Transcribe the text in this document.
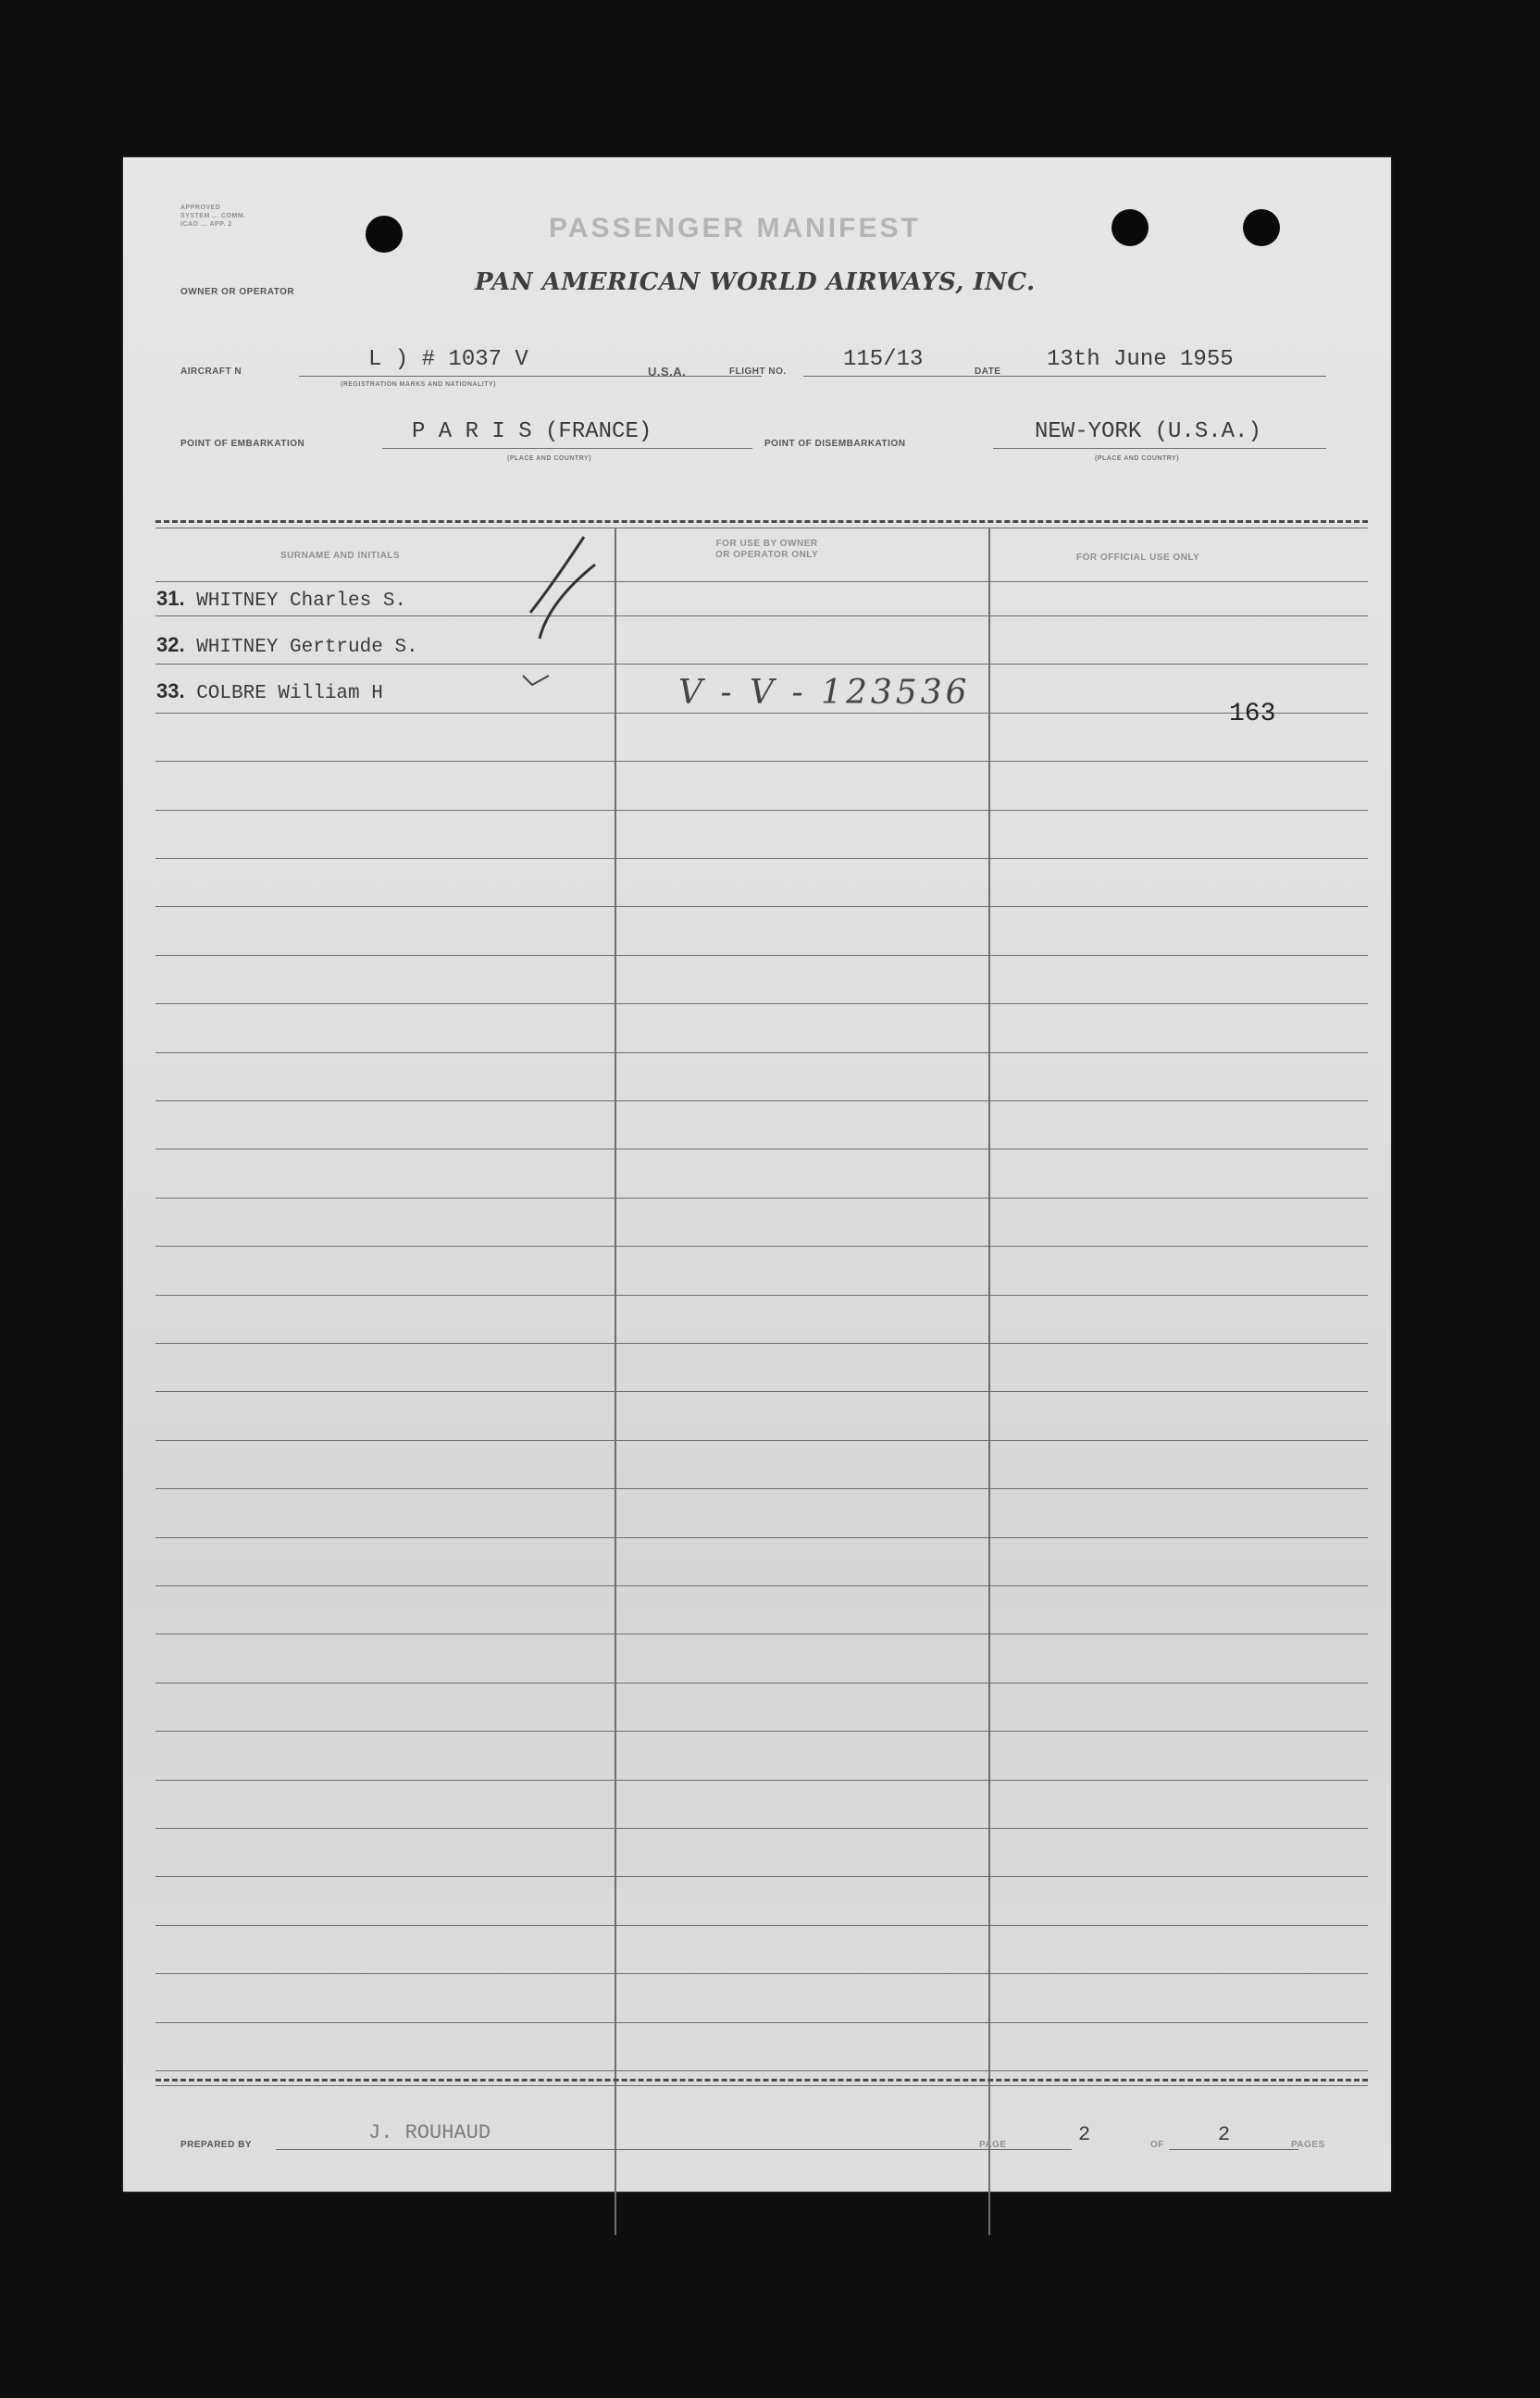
APPROVED
SYSTEM ... COMM.
ICAO ... APP. 2	PASSENGER MANIFEST
OWNER OR OPERATOR	PAN AMERICAN WORLD AIRWAYS, INC.
AIRCRAFT N	L ) # 1037 V
(REGISTRATION MARKS AND NATIONALITY)
U.S.A.	FLIGHT NO.	115/13	DATE 13th June 1955
POINT OF EMBARKATION	P A R I S (FRANCE)
(PLACE AND COUNTRY)
POINT OF DISEMBARKATION	NEW-YORK (U.S.A.)
(PLACE AND COUNTRY)
SURNAME AND INITIALS
FOR USE BY OWNER
OR OPERATOR ONLY	FOR OFFICIAL USE ONLY
31. WHITNEY Charles S.
32. WHITNEY Gertrude S.
33. COLBRE William H	V - V - 123536
163
PREPARED BY
J. ROUHAUD
PAGE	2	OF	2	PAGES
